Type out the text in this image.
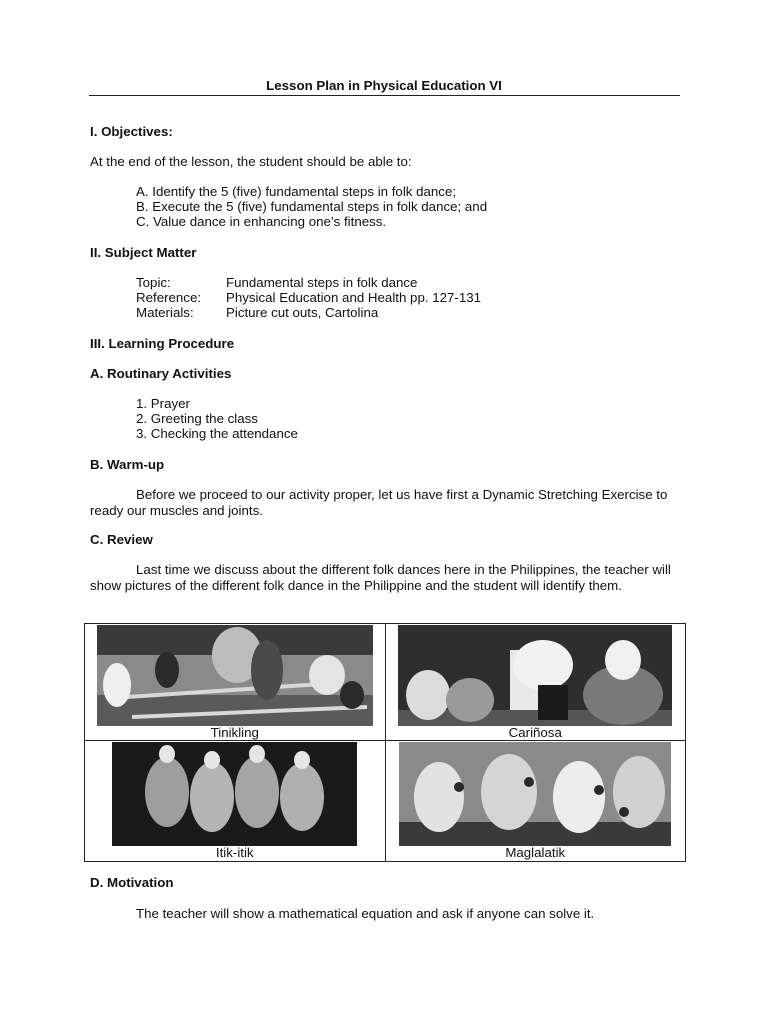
Lesson Plan in Physical Education VI
I. Objectives:
At the end of the lesson, the student should be able to:
A. Identify the 5 (five) fundamental steps in folk dance;
B. Execute the 5 (five) fundamental steps in folk dance; and
C. Value dance in enhancing one’s fitness.
II. Subject Matter
Topic:	Fundamental steps in folk dance
Reference: Physical Education and Health pp. 127-131
Materials: Picture cut outs, Cartolina
III. Learning Procedure
A. Routinary Activities
1. Prayer
2. Greeting the class
3. Checking the attendance
B. Warm-up
Before we proceed to our activity proper, let us have first a Dynamic Stretching Exercise to ready our muscles and joints.
C. Review
Last time we discuss about the different folk dances here in the Philippines, the teacher will show pictures of the different folk dance in the Philippine and the student will identify them.
Tinikling	Cariñosa

Itik-itik	Maglalatik
D. Motivation
The teacher will show a mathematical equation and ask if anyone can solve it.
